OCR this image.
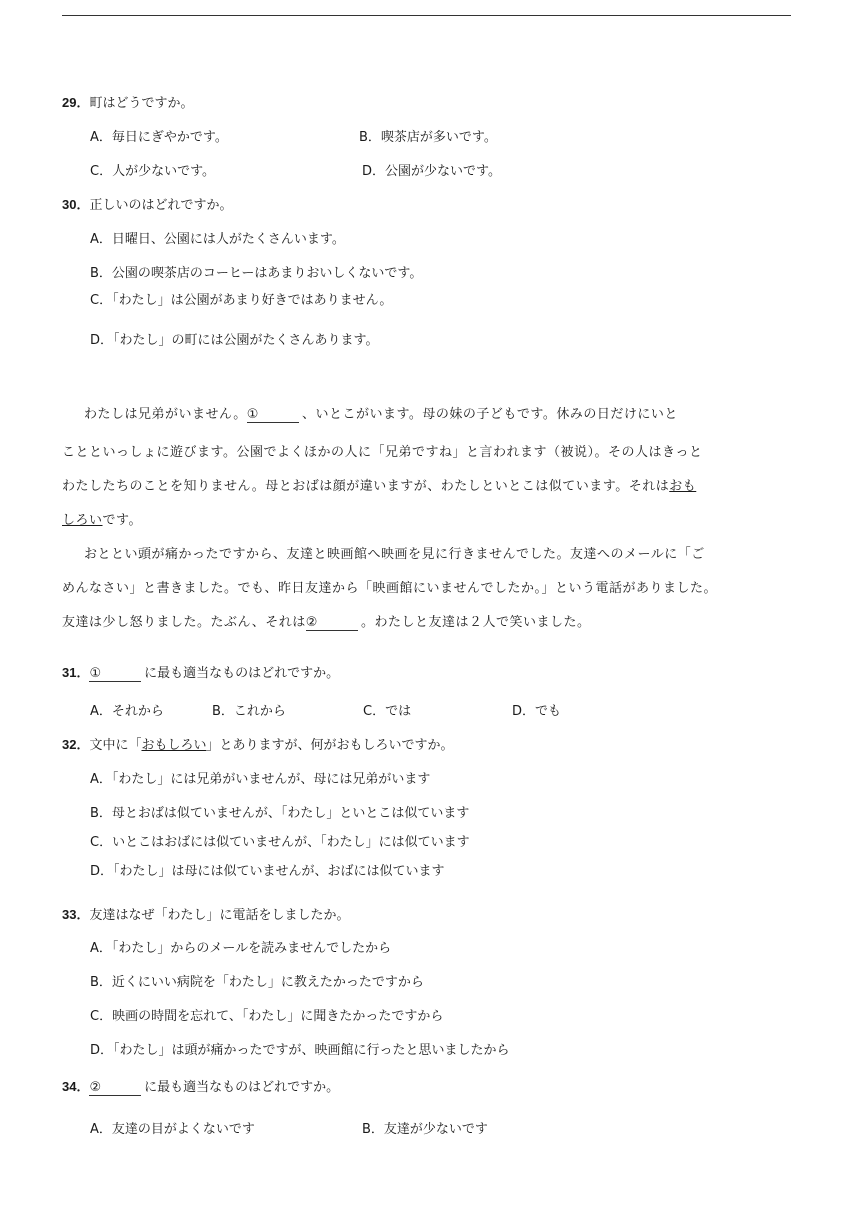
29．町はどうですか。
A．毎日にぎやかです。	B．喫茶店が多いです。
C．人が少ないです。	D．公園が少ないです。
30．正しいのはどれですか。
A．日曜日、公園には人がたくさんいます。
B．公園の喫茶店のコーヒーはあまりおいしくないです。
C．「わたし」は公園があまり好きではありません。
D．「わたし」の町には公園がたくさんあります。
わたしは兄弟がいません。①	、いとこがいます。母の妹の子どもです。休みの日だけにいと
ことといっしょに遊びます。公園でよくほかの人に「兄弟ですね」と言われます（被说）。その人はきっと
わたしたちのことを知りません。母とおばは顔が違いますが、わたしといとこは似ています。それはおも
しろいです。
おととい頭が痛かったですから、友達と映画館へ映画を見に行きませんでした。友達へのメールに「ご
めんなさい」と書きました。でも、昨日友達から「映画館にいませんでしたか。」という電話がありました。
友達は少し怒りました。たぶん、それは②	。わたしと友達は２人で笑いました。
31．①	に最も適当なものはどれですか。
A．それから	B．これから	C．では	D．でも
32．文中に「おもしろい」とありますが、何がおもしろいですか。
A．「わたし」には兄弟がいませんが、母には兄弟がいます
B．母とおばは似ていませんが、「わたし」といとこは似ています
C．いとこはおばには似ていませんが、「わたし」には似ています
D．「わたし」は母には似ていませんが、おばには似ています
33．友達はなぜ「わたし」に電話をしましたか。
A．「わたし」からのメールを読みませんでしたから
B．近くにいい病院を「わたし」に教えたかったですから
C．映画の時間を忘れて、「わたし」に聞きたかったですから
D．「わたし」は頭が痛かったですが、映画館に行ったと思いましたから
34．②	に最も適当なものはどれですか。
A．友達の目がよくないです	B．友達が少ないです
